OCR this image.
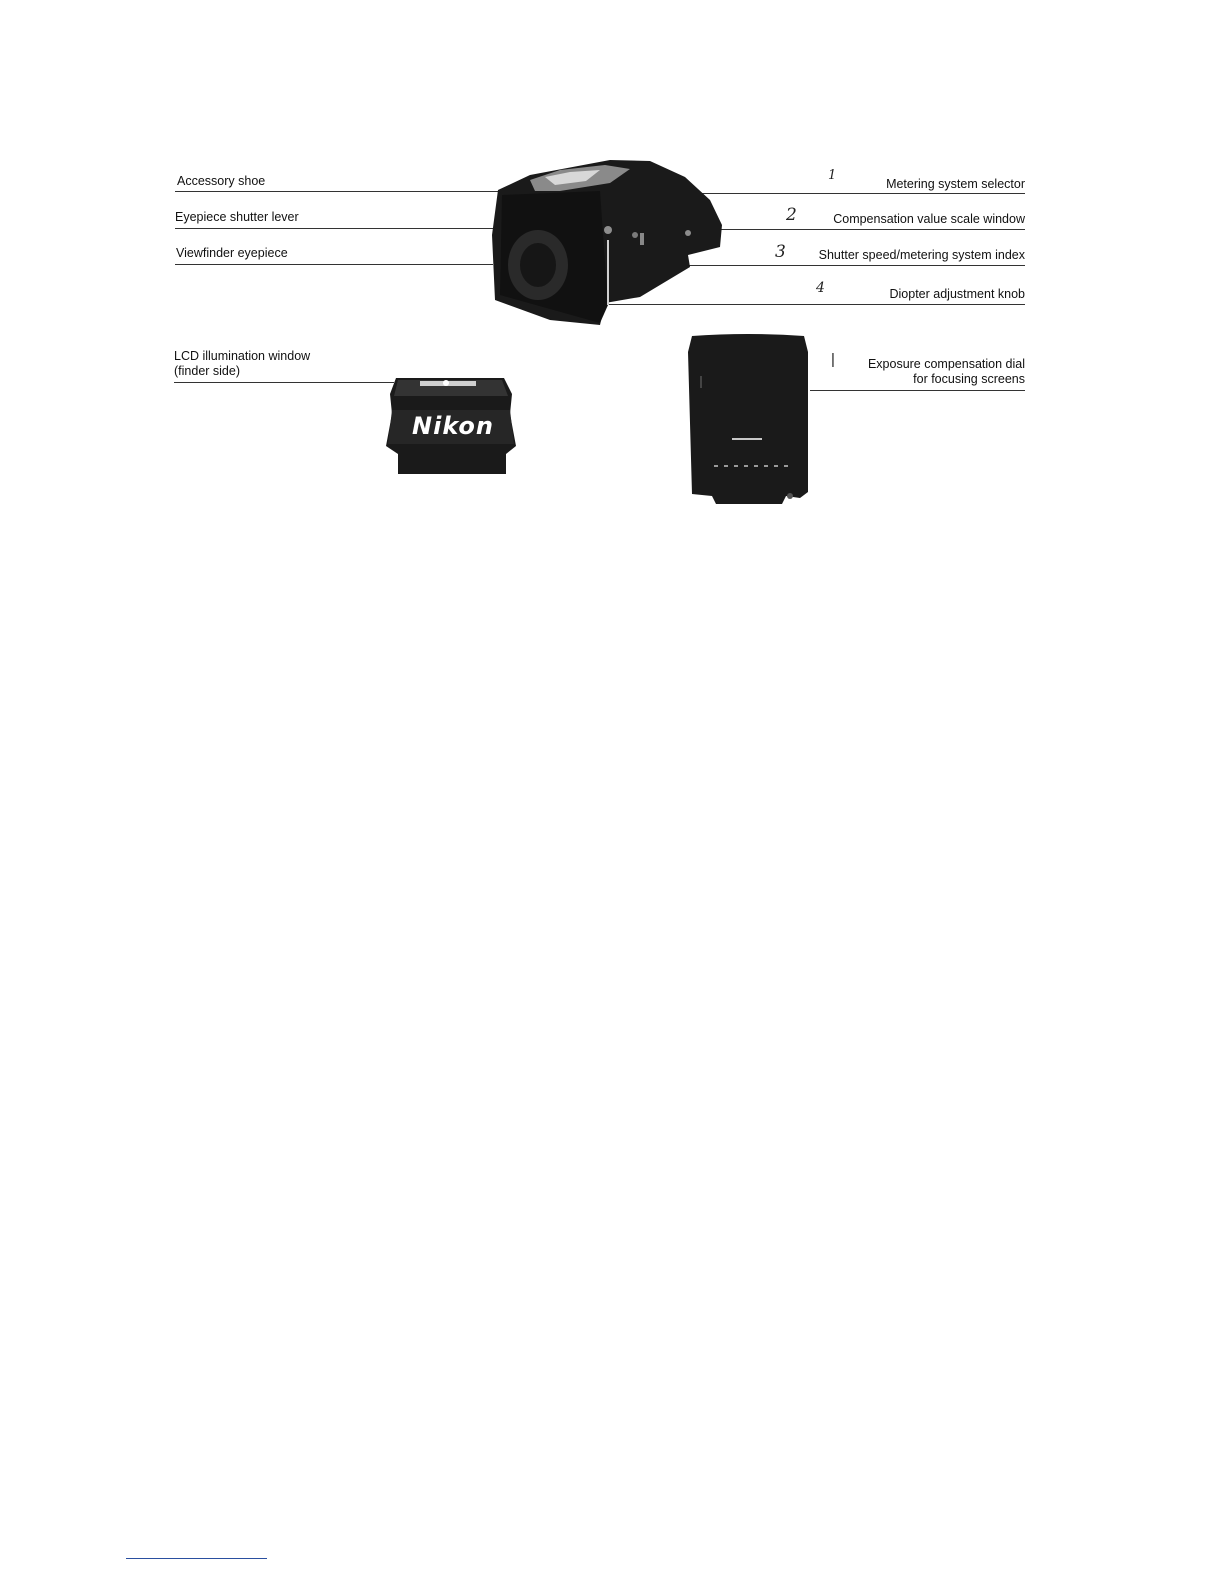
Accessory shoe
Eyepiece shutter lever
Viewfinder eyepiece
1
Metering system selector
2	Compensation value scale window
3	Shutter speed/metering system index
4	Diopter adjustment knob
LCD illumination window
(finder side)
Nikon
|	Exposure compensation dial
for focusing screens
